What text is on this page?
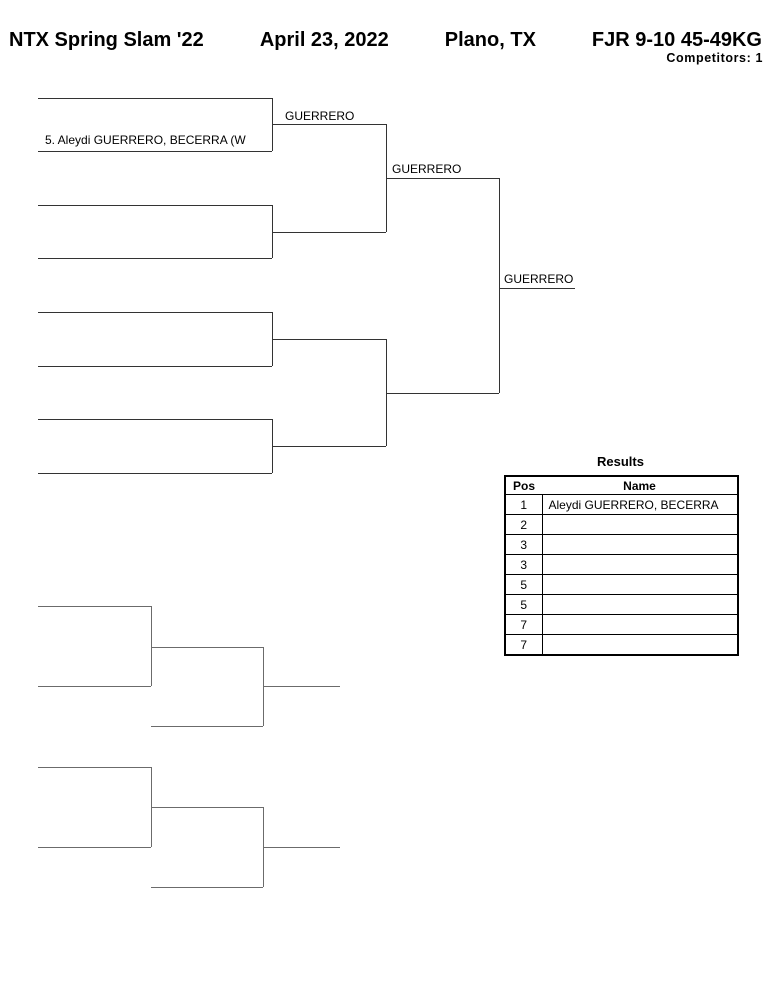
NTX Spring Slam '22	April 23, 2022	Plano, TX	FJR 9-10 45-49KG
Competitors: 1
5. Aleydi GUERRERO, BECERRA (W
GUERRERO
GUERRERO
GUERRERO
Results
Pos	Name
1	Aleydi GUERRERO, BECERRA
2	
3	
3	
5	
5	
7	
7	
